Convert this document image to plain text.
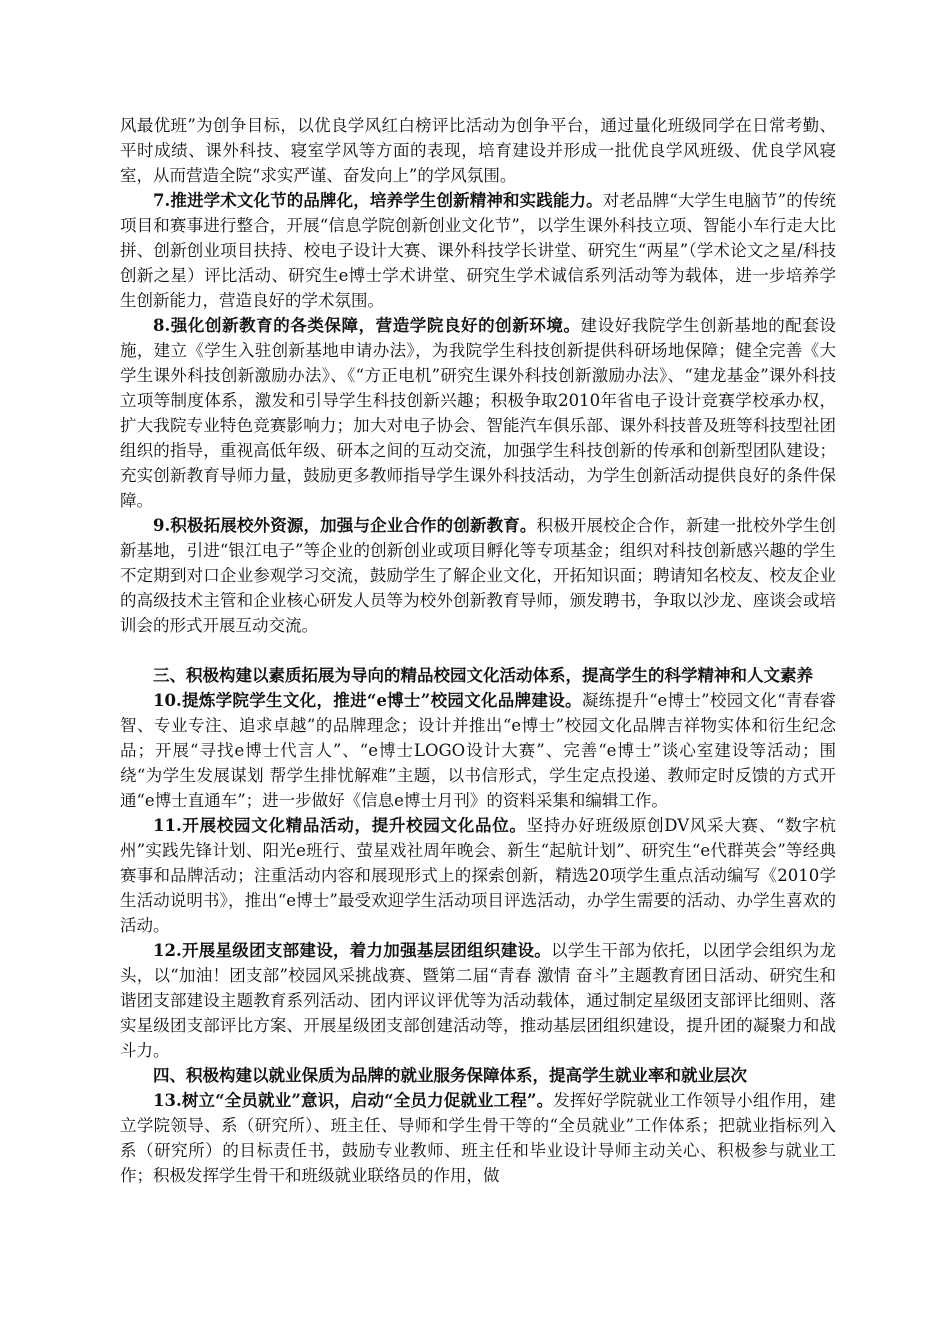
风最优班”为创争目标，以优良学风红白榜评比活动为创争平台，通过量化班级同学在日常考勤、平时成绩、课外科技、寝室学风等方面的表现，培育建设并形成一批优良学风班级、优良学风寝室，从而营造全院“求实严谨、奋发向上”的学风氛围。

7.推进学术文化节的品牌化，培养学生创新精神和实践能力。对老品牌“大学生电脑节”的传统项目和赛事进行整合，开展“信息学院创新创业文化节”，以学生课外科技立项、智能小车行走大比拼、创新创业项目扶持、校电子设计大赛、课外科技学长讲堂、研究生“两星”（学术论文之星/科技创新之星）评比活动、研究生e博士学术讲堂、研究生学术诚信系列活动等为载体，进一步培养学生创新能力，营造良好的学术氛围。

8.强化创新教育的各类保障，营造学院良好的创新环境。建设好我院学生创新基地的配套设施，建立《学生入驻创新基地申请办法》，为我院学生科技创新提供科研场地保障；健全完善《大学生课外科技创新激励办法》、《“方正电机”研究生课外科技创新激励办法》、“建龙基金”课外科技立项等制度体系，激发和引导学生科技创新兴趣；积极争取2010年省电子设计竞赛学校承办权，扩大我院专业特色竞赛影响力；加大对电子协会、智能汽车俱乐部、课外科技普及班等科技型社团组织的指导，重视高低年级、研本之间的互动交流，加强学生科技创新的传承和创新型团队建设；充实创新教育导师力量，鼓励更多教师指导学生课外科技活动，为学生创新活动提供良好的条件保障。

9.积极拓展校外资源，加强与企业合作的创新教育。积极开展校企合作，新建一批校外学生创新基地，引进“银江电子”等企业的创新创业或项目孵化等专项基金；组织对科技创新感兴趣的学生不定期到对口企业参观学习交流，鼓励学生了解企业文化，开拓知识面；聘请知名校友、校友企业的高级技术主管和企业核心研发人员等为校外创新教育导师，颁发聘书，争取以沙龙、座谈会或培训会的形式开展互动交流。

三、积极构建以素质拓展为导向的精品校园文化活动体系，提高学生的科学精神和人文素养

10.提炼学院学生文化，推进“e博士”校园文化品牌建设。凝练提升“e博士”校园文化“青春睿智、专业专注、追求卓越”的品牌理念；设计并推出“e博士”校园文化品牌吉祥物实体和衍生纪念品；开展“寻找e博士代言人”、“e博士LOGO设计大赛”、完善“e博士”谈心室建设等活动；围绕“为学生发展谋划 帮学生排忧解难”主题，以书信形式，学生定点投递、教师定时反馈的方式开通“e博士直通车”；进一步做好《信息e博士月刊》的资料采集和编辑工作。

11.开展校园文化精品活动，提升校园文化品位。坚持办好班级原创DV风采大赛、“数字杭州”实践先锋计划、阳光e班行、萤星戏社周年晚会、新生“起航计划”、研究生“e代群英会”等经典赛事和品牌活动；注重活动内容和展现形式上的探索创新，精选20项学生重点活动编写《2010学生活动说明书》，推出“e博士”最受欢迎学生活动项目评选活动，办学生需要的活动、办学生喜欢的活动。

12.开展星级团支部建设，着力加强基层团组织建设。以学生干部为依托，以团学会组织为龙头，以“加油！团支部”校园风采挑战赛、暨第二届“青春 激情 奋斗”主题教育团日活动、研究生和谐团支部建设主题教育系列活动、团内评议评优等为活动载体，通过制定星级团支部评比细则、落实星级团支部评比方案、开展星级团支部创建活动等，推动基层团组织建设，提升团的凝聚力和战斗力。

四、积极构建以就业保质为品牌的就业服务保障体系，提高学生就业率和就业层次

13.树立“全员就业”意识，启动“全员力促就业工程”。发挥好学院就业工作领导小组作用，建立学院领导、系（研究所）、班主任、导师和学生骨干等的“全员就业”工作体系；把就业指标列入系（研究所）的目标责任书，鼓励专业教师、班主任和毕业设计导师主动关心、积极参与就业工作；积极发挥学生骨干和班级就业联络员的作用，做
